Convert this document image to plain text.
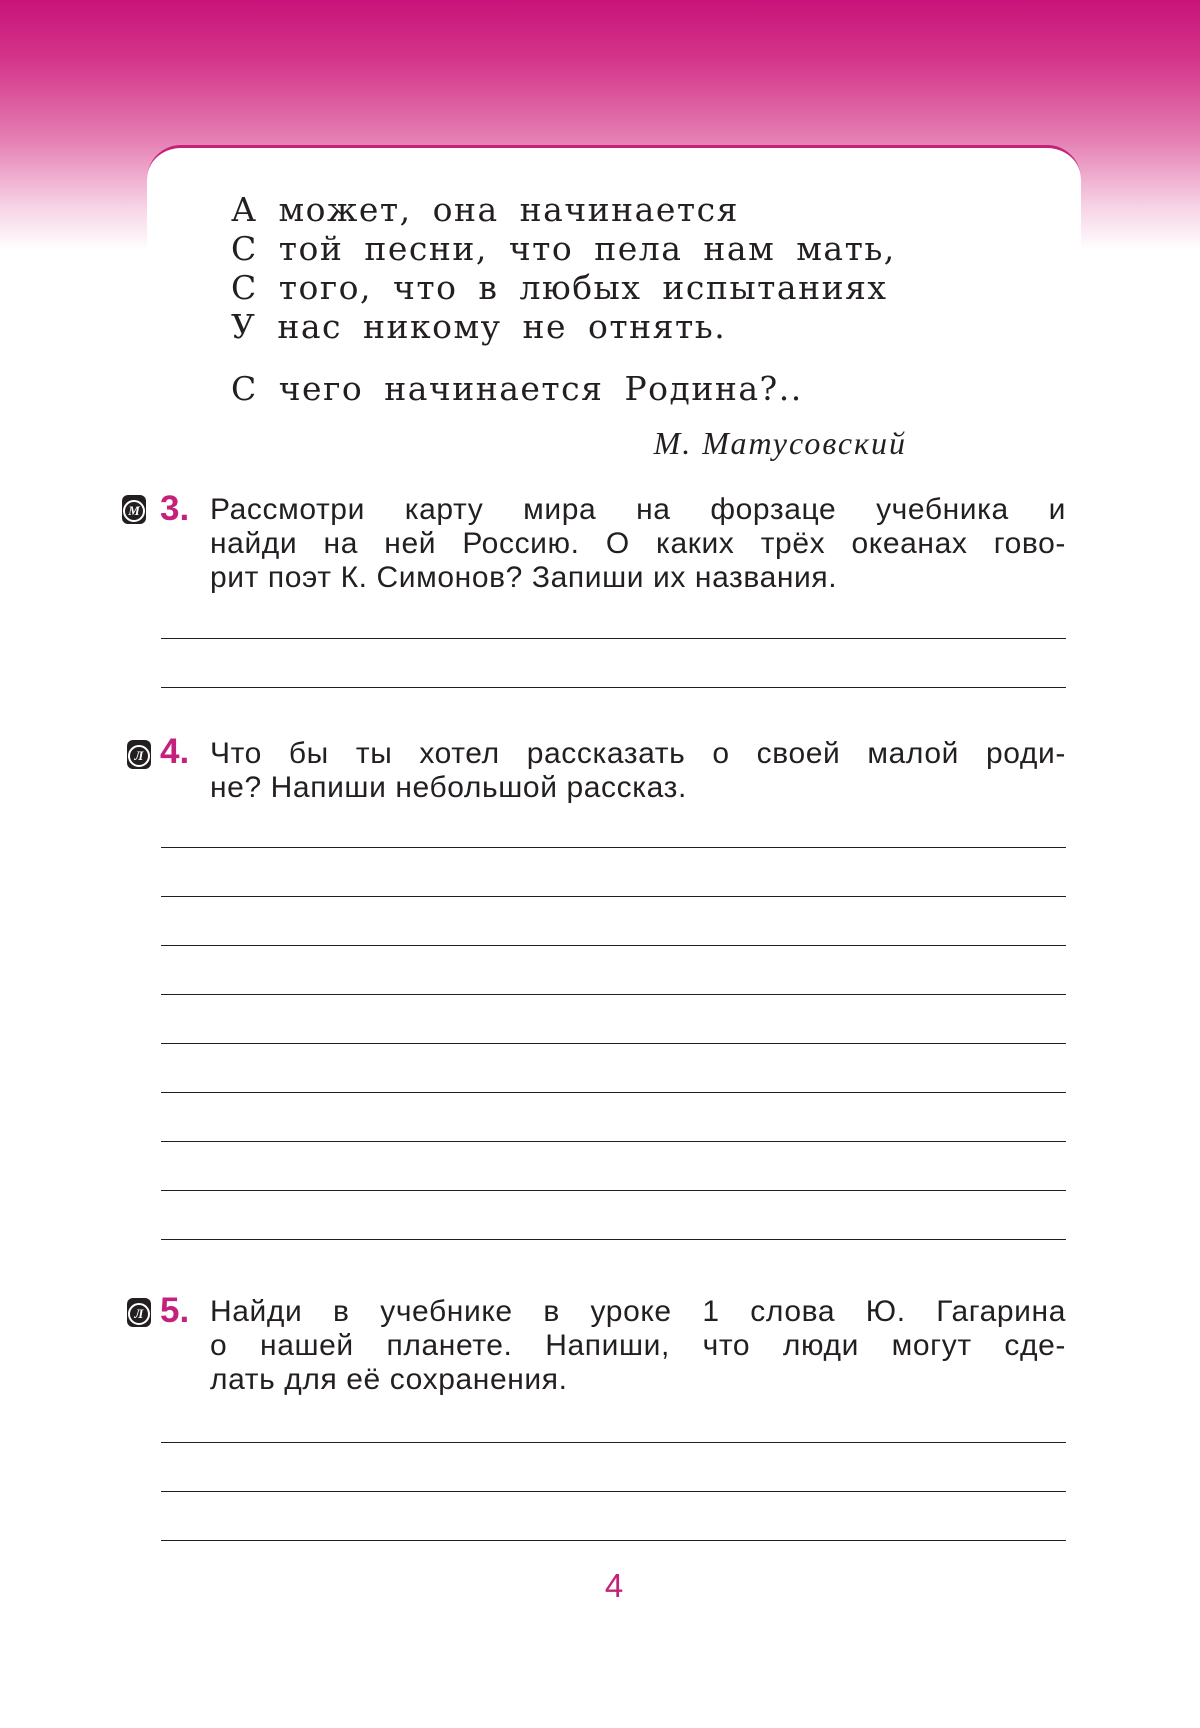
А может, она начинается
С той песни, что пела нам мать,
С того, что в любых испытаниях
У нас никому не отнять.
С чего начинается Родина?..
М. Матусовский
М 3. Рассмотри карту мира на форзаце учебника и
найди на ней Россию. О каких трёх океанах гово-
рит поэт К. Симонов? Запиши их названия.
Л 4. Что бы ты хотел рассказать о своей малой роди-
не? Напиши небольшой рассказ.
Л 5. Найди в учебнике в уроке 1 слова Ю. Гагарина
о нашей планете. Напиши, что люди могут сде-
лать для её сохранения.
4
